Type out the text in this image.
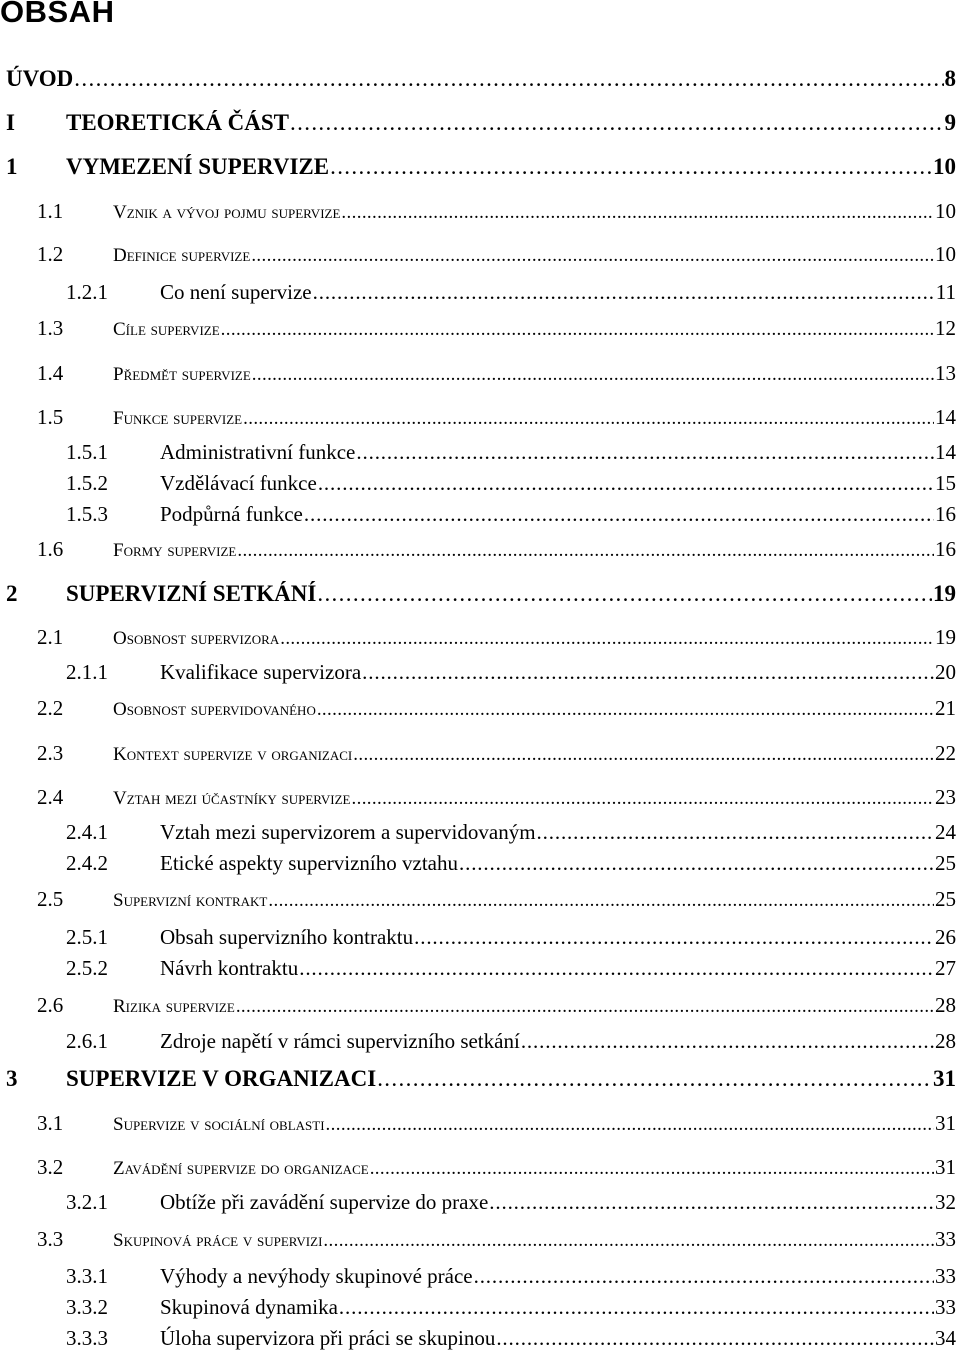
OBSAH
ÚVOD . . .	8
I TEORETICKÁ ČÁST . . .	9
1 VYMEZENÍ SUPERVIZE . . .	10
1.1	Vznik a vývoj pojmu supervize . . .	10
1.2	Definice supervize . . .	10
1.2.1 Co není supervize . . .	11
1.3	Cíle supervize . . .	12
1.4	Předmět supervize . . .	13
1.5	Funkce supervize . . .	14
1.5.1 Administrativní funkce . . .	14
1.5.2 Vzdělávací funkce . . .	15
1.5.3 Podpůrná funkce . . .	16
1.6	Formy supervize . . .	16
2 SUPERVIZNÍ SETKÁNÍ . . .	19
2.1	Osobnost supervizora . . .	19
2.1.1 Kvalifikace supervizora . . .	20
2.2	Osobnost supervidovaného . . .	21
2.3	Kontext supervize v organizaci . . .	22
2.4	Vztah mezi účastníky supervize . . .	23
2.4.1 Vztah mezi supervizorem a supervidovaným . . .	24
2.4.2 Etické aspekty supervizního vztahu . . .	25
2.5	Supervizní kontrakt . . .	25
2.5.1 Obsah supervizního kontraktu . . .	26
2.5.2 Návrh kontraktu . . .	27
2.6	Rizika supervize . . .	28
2.6.1 Zdroje napětí v rámci supervizního setkání . . .	28
3 SUPERVIZE V ORGANIZACI . . .	31
3.1	Supervize v sociální oblasti . . .	31
3.2	Zavádění supervize do organizace . . .	31
3.2.1 Obtíže při zavádění supervize do praxe . . .	32
3.3	Skupinová práce v supervizi . . .	33
3.3.1 Výhody a nevýhody skupinové práce . . .	33
3.3.2 Skupinová dynamika . . .	33
3.3.3 Úloha supervizora při práci se skupinou . . .	34
